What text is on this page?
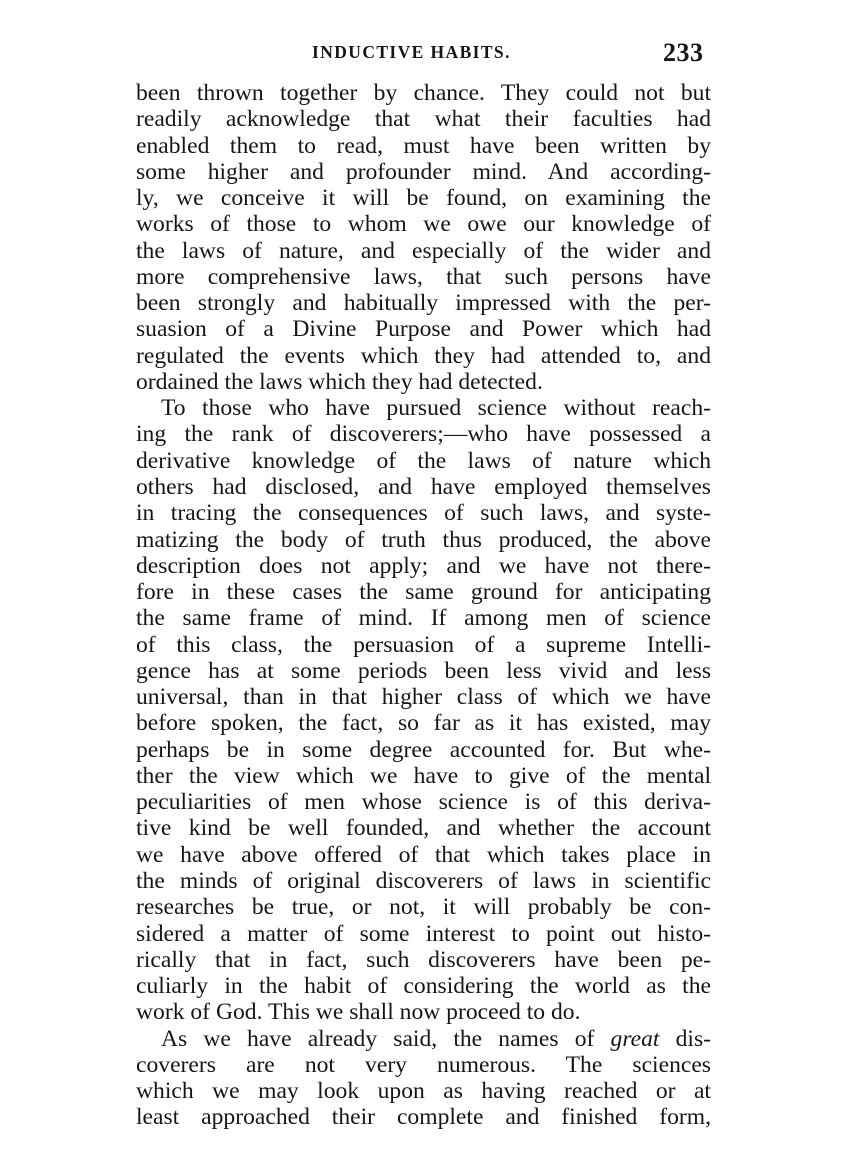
INDUCTIVE HABITS.	233
been thrown together by chance. They could not but
readily acknowledge that what their faculties had
enabled them to read, must have been written by
some higher and profounder mind. And according-
ly, we conceive it will be found, on examining the
works of those to whom we owe our knowledge of
the laws of nature, and especially of the wider and
more comprehensive laws, that such persons have
been strongly and habitually impressed with the per-
suasion of a Divine Purpose and Power which had
regulated the events which they had attended to, and
ordained the laws which they had detected.
To those who have pursued science without reach-
ing the rank of discoverers;—who have possessed a
derivative knowledge of the laws of nature which
others had disclosed, and have employed themselves
in tracing the consequences of such laws, and syste-
matizing the body of truth thus produced, the above
description does not apply; and we have not there-
fore in these cases the same ground for anticipating
the same frame of mind. If among men of science
of this class, the persuasion of a supreme Intelli-
gence has at some periods been less vivid and less
universal, than in that higher class of which we have
before spoken, the fact, so far as it has existed, may
perhaps be in some degree accounted for. But whe-
ther the view which we have to give of the mental
peculiarities of men whose science is of this deriva-
tive kind be well founded, and whether the account
we have above offered of that which takes place in
the minds of original discoverers of laws in scientific
researches be true, or not, it will probably be con-
sidered a matter of some interest to point out histo-
rically that in fact, such discoverers have been pe-
culiarly in the habit of considering the world as the
work of God. This we shall now proceed to do.
As we have already said, the names of great dis-
coverers are not very numerous. The sciences
which we may look upon as having reached or at
least approached their complete and finished form,
